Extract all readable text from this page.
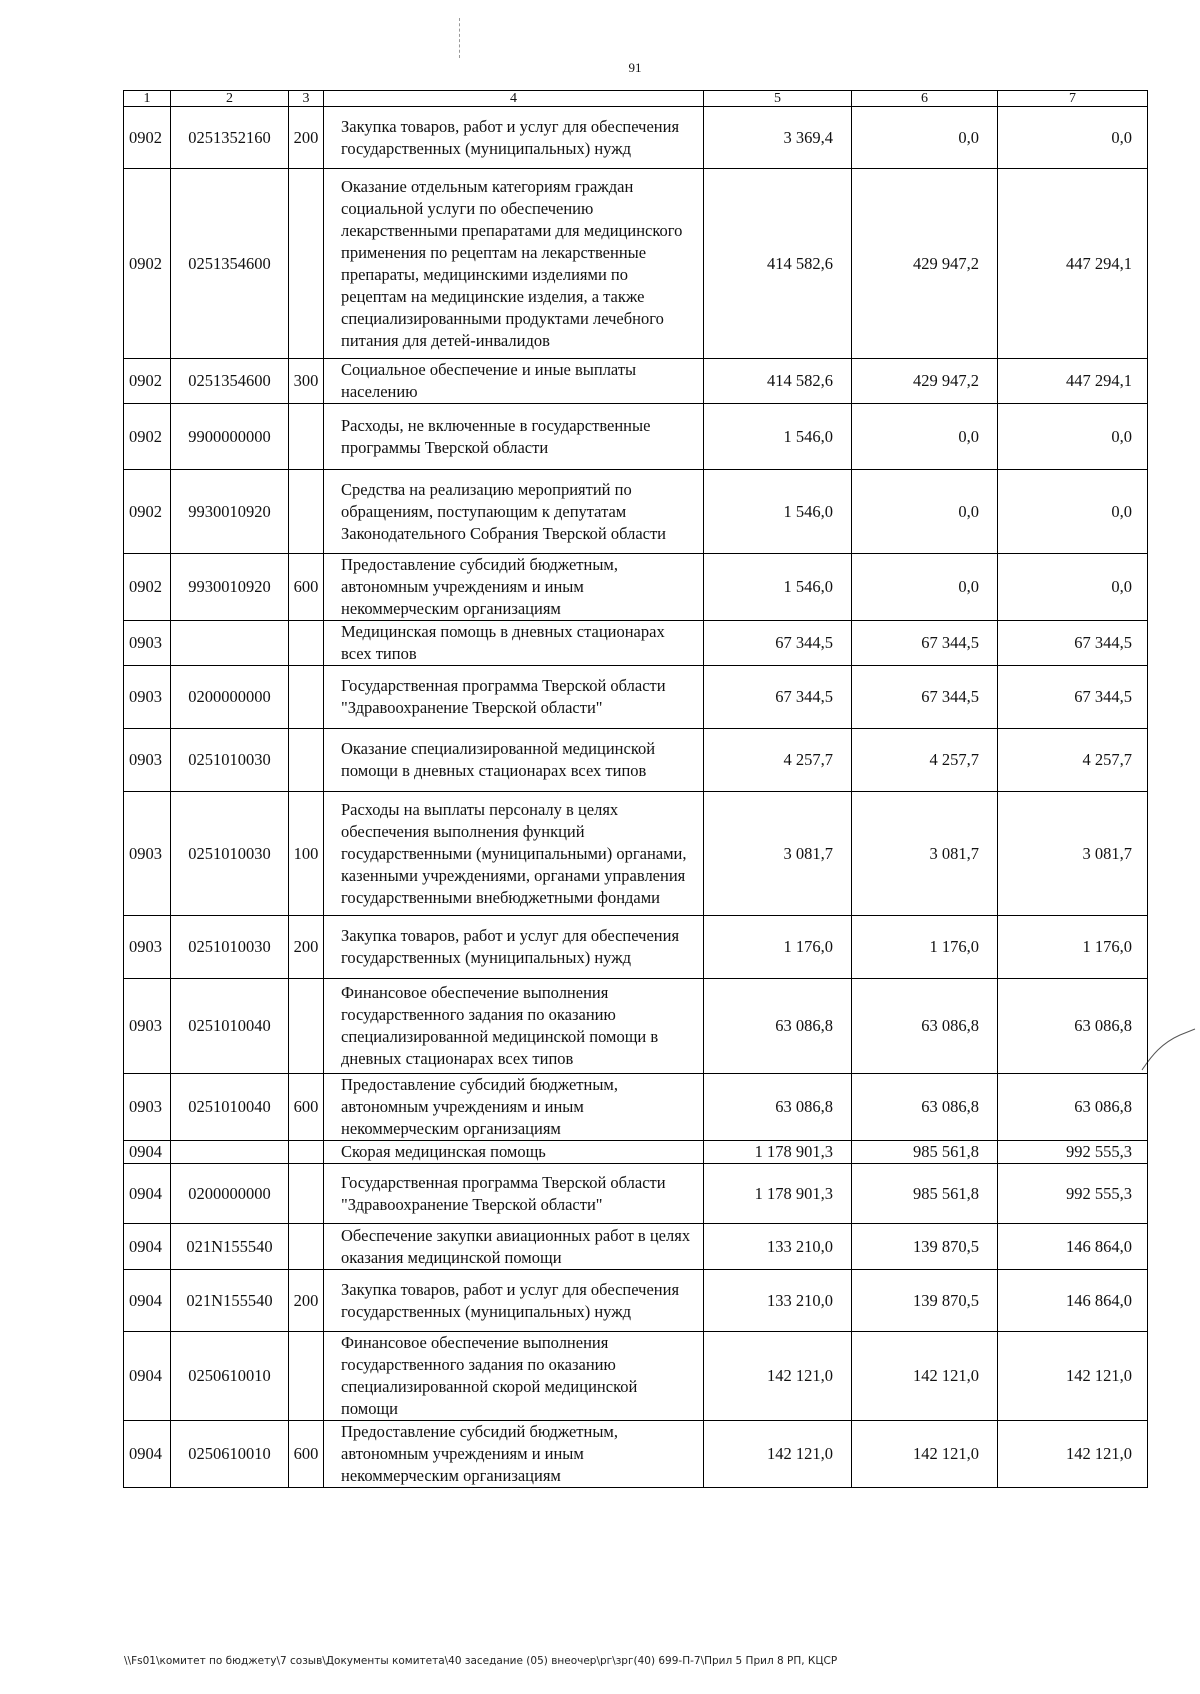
91
1	2	3	4	5	6	7
0902	0251352160	200	Закупка товаров, работ и услуг для обеспечения государственных (муниципальных) нужд	3 369,4	0,0	0,0
0902	0251354600		Оказание отдельным категориям граждан социальной услуги по обеспечению лекарственными препаратами для медицинского применения по рецептам на лекарственные препараты, медицинскими изделиями по рецептам на медицинские изделия, а также специализированными продуктами лечебного питания для детей-инвалидов	414 582,6	429 947,2	447 294,1
0902	0251354600	300	Социальное обеспечение и иные выплаты населению	414 582,6	429 947,2	447 294,1
0902	9900000000		Расходы, не включенные в государственные программы Тверской области	1 546,0	0,0	0,0
0902	9930010920		Средства на реализацию мероприятий по обращениям, поступающим к депутатам Законодательного Собрания Тверской области	1 546,0	0,0	0,0
0902	9930010920	600	Предоставление субсидий бюджетным, автономным учреждениям и иным некоммерческим организациям	1 546,0	0,0	0,0
0903			Медицинская помощь в дневных стационарах всех типов	67 344,5	67 344,5	67 344,5
0903	0200000000		Государственная программа Тверской области "Здравоохранение Тверской области"	67 344,5	67 344,5	67 344,5
0903	0251010030		Оказание специализированной медицинской помощи в дневных стационарах всех типов	4 257,7	4 257,7	4 257,7
0903	0251010030	100	Расходы на выплаты персоналу в целях обеспечения выполнения функций государственными (муниципальными) органами, казенными учреждениями, органами управления государственными внебюджетными фондами	3 081,7	3 081,7	3 081,7
0903	0251010030	200	Закупка товаров, работ и услуг для обеспечения государственных (муниципальных) нужд	1 176,0	1 176,0	1 176,0
0903	0251010040		Финансовое обеспечение выполнения государственного задания по оказанию специализированной медицинской помощи в дневных стационарах всех типов	63 086,8	63 086,8	63 086,8
0903	0251010040	600	Предоставление субсидий бюджетным, автономным учреждениям и иным некоммерческим организациям	63 086,8	63 086,8	63 086,8
0904			Скорая медицинская помощь	1 178 901,3	985 561,8	992 555,3
0904	0200000000		Государственная программа Тверской области "Здравоохранение Тверской области"	1 178 901,3	985 561,8	992 555,3
0904	021N155540		Обеспечение закупки авиационных работ в целях оказания медицинской помощи	133 210,0	139 870,5	146 864,0
0904	021N155540	200	Закупка товаров, работ и услуг для обеспечения государственных (муниципальных) нужд	133 210,0	139 870,5	146 864,0
0904	0250610010		Финансовое обеспечение выполнения государственного задания по оказанию специализированной скорой медицинской помощи	142 121,0	142 121,0	142 121,0
0904	0250610010	600	Предоставление субсидий бюджетным, автономным учреждениям и иным некоммерческим организациям	142 121,0	142 121,0	142 121,0
\\Fs01\комитет по бюджету\7 созыв\Документы комитета\40 заседание (05) внеочер\рг\зрг(40) 699-П-7\Прил 5 Прил 8 РП, КЦСР
